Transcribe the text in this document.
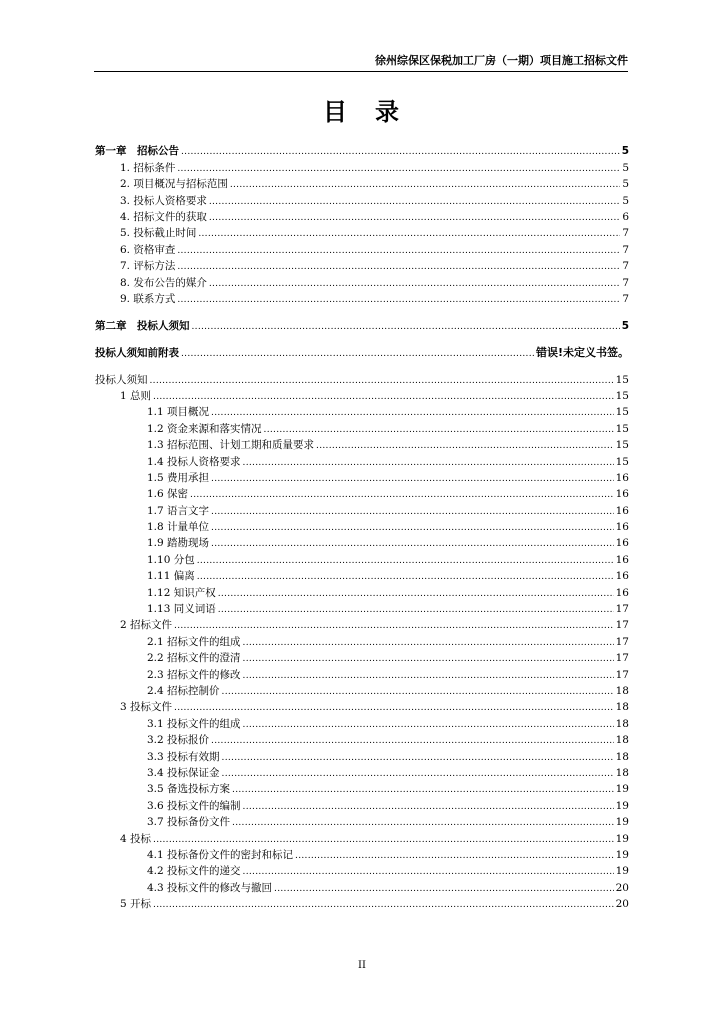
徐州综保区保税加工厂房（一期）项目施工招标文件
目　录
第一章　招标公告 .....	5
1. 招标条件 .....	5
2. 项目概况与招标范围 .....	5
3. 投标人资格要求 .....	5
4. 招标文件的获取 .....	6
5. 投标截止时间 .....	7
6. 资格审查 .....	7
7. 评标方法 .....	7
8. 发布公告的媒介 .....	7
9. 联系方式 .....	7
第二章　投标人须知 .....	5
投标人须知前附表 .....	错误!未定义书签。
投标人须知 .....	15
1 总则 .....	15
1.1 项目概况 .....	15
1.2 资金来源和落实情况 .....	15
1.3 招标范围、计划工期和质量要求 .....	15
1.4 投标人资格要求 .....	15
1.5 费用承担 .....	16
1.6 保密 .....	16
1.7 语言文字 .....	16
1.8 计量单位 .....	16
1.9 踏勘现场 .....	16
1.10 分包 .....	16
1.11 偏离 .....	16
1.12 知识产权 .....	16
1.13 同义词语 .....	17
2 招标文件 .....	17
2.1 招标文件的组成 .....	17
2.2 招标文件的澄清 .....	17
2.3 招标文件的修改 .....	17
2.4 招标控制价 .....	18
3 投标文件 .....	18
3.1 投标文件的组成 .....	18
3.2 投标报价 .....	18
3.3 投标有效期 .....	18
3.4 投标保证金 .....	18
3.5 备选投标方案 .....	19
3.6 投标文件的编制 .....	19
3.7 投标备份文件 .....	19
4 投标 .....	19
4.1 投标备份文件的密封和标记 .....	19
4.2 投标文件的递交 .....	19
4.3 投标文件的修改与撤回 .....	20
5 开标 .....	20
II
